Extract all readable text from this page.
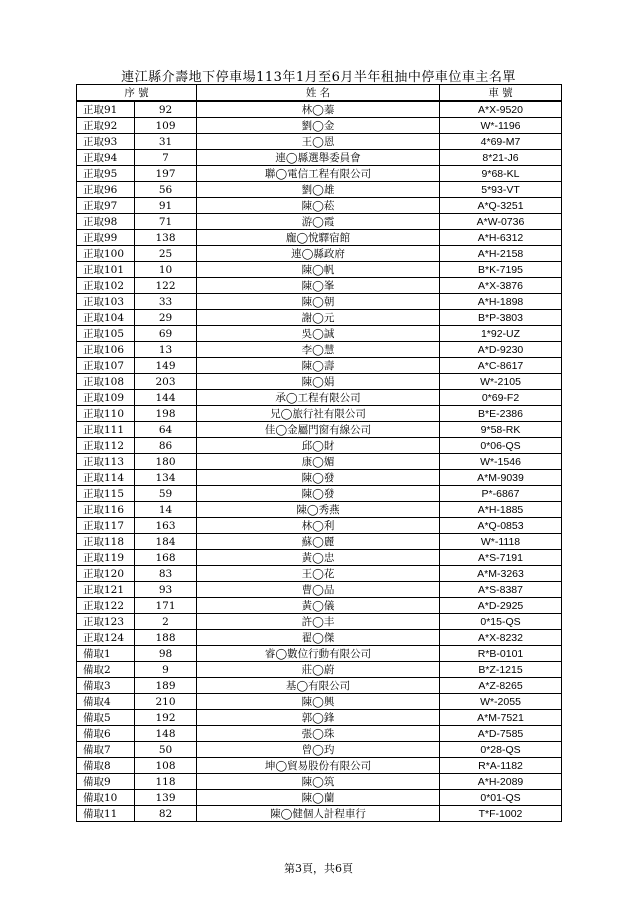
連江縣介壽地下停車場113年1月至6月半年租抽中停車位車主名單
序 號		姓 名	車 號
正取91	92	林◯蓁	A*X-9520
正取92	109	劉◯金	W*-1196
正取93	31	王◯恩	4*69-M7
正取94	7	連◯縣選舉委員會	8*21-J6
正取95	197	聯◯電信工程有限公司	9*68-KL
正取96	56	劉◯雄	5*93-VT
正取97	91	陳◯菘	A*Q-3251
正取98	71	游◯霞	A*W-0736
正取99	138	龐◯悅驛宿館	A*H-6312
正取100	25	連◯縣政府	A*H-2158
正取101	10	陳◯帆	B*K-7195
正取102	122	陳◯峯	A*X-3876
正取103	33	陳◯朝	A*H-1898
正取104	29	謝◯元	B*P-3803
正取105	69	吳◯誠	1*92-UZ
正取106	13	李◯慧	A*D-9230
正取107	149	陳◯壽	A*C-8617
正取108	203	陳◯娟	W*-2105
正取109	144	承◯工程有限公司	0*69-F2
正取110	198	兄◯旅行社有限公司	B*E-2386
正取111	64	佳◯金屬門窗有線公司	9*58-RK
正取112	86	邱◯財	0*06-QS
正取113	180	康◯媚	W*-1546
正取114	134	陳◯發	A*M-9039
正取115	59	陳◯發	P*-6867
正取116	14	陳◯秀燕	A*H-1885
正取117	163	林◯利	A*Q-0853
正取118	184	蘇◯麗	W*-1118
正取119	168	黃◯忠	A*S-7191
正取120	83	王◯花	A*M-3263
正取121	93	曹◯品	A*S-8387
正取122	171	黃◯儀	A*D-2925
正取123	2	許◯丰	0*15-QS
正取124	188	翟◯傑	A*X-8232
備取1	98	睿◯數位行動有限公司	R*B-0101
備取2	9	莊◯蔚	B*Z-1215
備取3	189	基◯有限公司	A*Z-8265
備取4	210	陳◯興	W*-2055
備取5	192	郭◯鋒	A*M-7521
備取6	148	張◯珠	A*D-7585
備取7	50	曾◯玓	0*28-QS
備取8	108	坤◯貿易股份有限公司	R*A-1182
備取9	118	陳◯筑	A*H-2089
備取10	139	陳◯蘭	0*01-QS
備取11	82	陳◯健個人計程車行	T*F-1002
第3頁，共6頁
